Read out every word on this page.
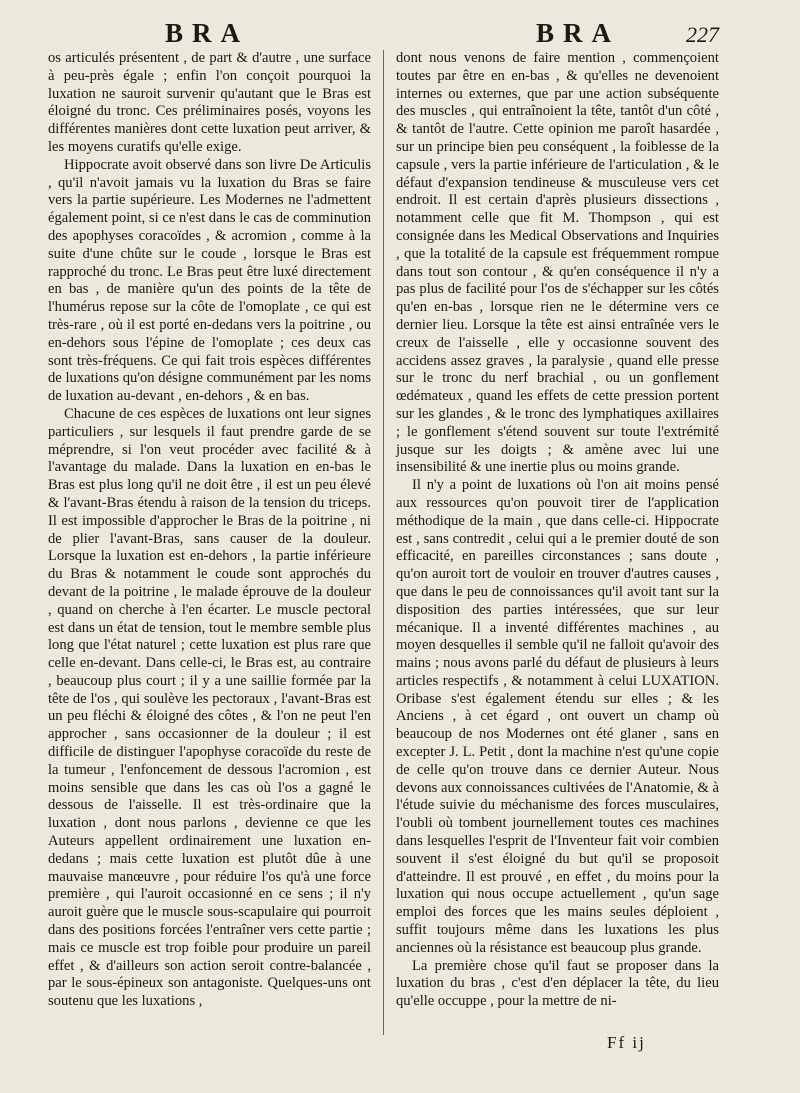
BRA	BRA	227

os articulés présentent , de part & d'autre , une surface à peu-près égale ; enfin l'on conçoit pourquoi la luxation ne sauroit survenir qu'autant que le Bras est éloigné du tronc. Ces préliminaires posés, voyons les différentes manières dont cette luxation peut arriver, & les moyens curatifs qu'elle exige.

Hippocrate avoit observé dans son livre De Articulis , qu'il n'avoit jamais vu la luxation du Bras se faire vers la partie supérieure. Les Modernes ne l'admettent également point, si ce n'est dans le cas de comminution des apophyses coracoïdes , & acromion , comme à la suite d'une chûte sur le coude , lorsque le Bras est rapproché du tronc. Le Bras peut être luxé directement en bas , de manière qu'un des points de la tête de l'humérus repose sur la côte de l'omoplate , ce qui est très-rare , où il est porté en-dedans vers la poitrine , ou en-dehors sous l'épine de l'omoplate ; ces deux cas sont très-fréquens. Ce qui fait trois espèces différentes de luxations qu'on désigne communément par les noms de luxation au-devant , en-dehors , & en bas.

Chacune de ces espèces de luxations ont leur signes particuliers , sur lesquels il faut prendre garde de se méprendre, si l'on veut procéder avec facilité & à l'avantage du malade. Dans la luxation en en-bas le Bras est plus long qu'il ne doit être , il est un peu élevé & l'avant-Bras étendu à raison de la tension du triceps. Il est impossible d'approcher le Bras de la poitrine , ni de plier l'avant-Bras, sans causer de la douleur. Lorsque la luxation est en-dehors , la partie inférieure du Bras & notamment le coude sont approchés du devant de la poitrine , le malade éprouve de la douleur , quand on cherche à l'en écarter. Le muscle pectoral est dans un état de tension, tout le membre semble plus long que l'état naturel ; cette luxation est plus rare que celle en-devant. Dans celle-ci, le Bras est, au contraire , beaucoup plus court ; il y a une saillie formée par la tête de l'os , qui soulève les pectoraux , l'avant-Bras est un peu fléchi & éloigné des côtes , & l'on ne peut l'en approcher , sans occasionner de la douleur ; il est difficile de distinguer l'apophyse coracoïde du reste de la tumeur , l'enfoncement de dessous l'acromion , est moins sensible que dans les cas où l'os a gagné le dessous de l'aisselle. Il est très-ordinaire que la luxation , dont nous parlons , devienne ce que les Auteurs appellent ordinairement une luxation en-dedans ; mais cette luxation est plutôt dûe à une mauvaise manœuvre , pour réduire l'os qu'à une force première , qui l'auroit occasionné en ce sens ; il n'y auroit guère que le muscle sous-scapulaire qui pourroit dans des positions forcées l'entraîner vers cette partie ; mais ce muscle est trop foible pour produire un pareil effet , & d'ailleurs son action seroit contre-balancée , par le sous-épineux son antagoniste. Quelques-uns ont soutenu que les luxations ,

dont nous venons de faire mention , commençoient toutes par être en en-bas , & qu'elles ne devenoient internes ou externes, que par une action subséquente des muscles , qui entraînoient la tête, tantôt d'un côté , & tantôt de l'autre. Cette opinion me paroît hasardée , sur un principe bien peu conséquent , la foiblesse de la capsule , vers la partie inférieure de l'articulation , & le défaut d'expansion tendineuse & musculeuse vers cet endroit. Il est certain d'après plusieurs dissections , notamment celle que fit M. Thompson , qui est consignée dans les Medical Observations and Inquiries , que la totalité de la capsule est fréquemment rompue dans tout son contour , & qu'en conséquence il n'y a pas plus de facilité pour l'os de s'échapper sur les côtés qu'en en-bas , lorsque rien ne le détermine vers ce dernier lieu. Lorsque la tête est ainsi entraînée vers le creux de l'aisselle , elle y occasionne souvent des accidens assez graves , la paralysie , quand elle presse sur le tronc du nerf brachial , ou un gonflement œdémateux , quand les effets de cette pression portent sur les glandes , & le tronc des lymphatiques axillaires ; le gonflement s'étend souvent sur toute l'extrémité jusque sur les doigts ; & amène avec lui une insensibilité & une inertie plus ou moins grande.

Il n'y a point de luxations où l'on ait moins pensé aux ressources qu'on pouvoit tirer de l'application méthodique de la main , que dans celle-ci. Hippocrate est , sans contredit , celui qui a le premier douté de son efficacité, en pareilles circonstances ; sans doute , qu'on auroit tort de vouloir en trouver d'autres causes , que dans le peu de connoissances qu'il avoit tant sur la disposition des parties intéressées, que sur leur mécanique. Il a inventé différentes machines , au moyen desquelles il semble qu'il ne falloit qu'avoir des mains ; nous avons parlé du défaut de plusieurs à leurs articles respectifs , & notamment à celui LUXATION. Oribase s'est également étendu sur elles ; & les Anciens , à cet égard , ont ouvert un champ où beaucoup de nos Modernes ont été glaner , sans en excepter J. L. Petit , dont la machine n'est qu'une copie de celle qu'on trouve dans ce dernier Auteur. Nous devons aux connoissances cultivées de l'Anatomie, & à l'étude suivie du méchanisme des forces musculaires, l'oubli où tombent journellement toutes ces machines dans lesquelles l'esprit de l'Inventeur fait voir combien souvent il s'est éloigné du but qu'il se proposoit d'atteindre. Il est prouvé , en effet , du moins pour la luxation qui nous occupe actuellement , qu'un sage emploi des forces que les mains seules déploient , suffit toujours même dans les luxations les plus anciennes où la résistance est beaucoup plus grande.

La première chose qu'il faut se proposer dans la luxation du bras , c'est d'en déplacer la tête, du lieu qu'elle occuppe , pour la mettre de ni-

Ff ij
